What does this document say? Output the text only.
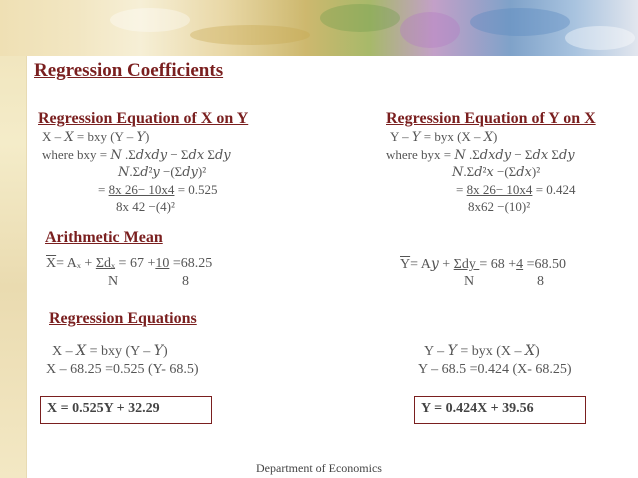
Regression Coefficients
Regression Equation of X on Y
X – 𝑋 = bxy (Y – 𝑌)
where bxy = 𝑁 .Σ𝑑𝑥𝑑𝑦 − Σ𝑑𝑥 Σ𝑑𝑦
𝑁.Σ𝑑²𝑦 −(Σ𝑑𝑦)²
= 8x 26− 10x4 = 0.525
8x 42 −(4)²
Regression Equation of Y on X
Y – 𝑌 = byx (X – 𝑋)
where byx = 𝑁 .Σ𝑑𝑥𝑑𝑦 − Σ𝑑𝑥 Σ𝑑𝑦
𝑁.Σ𝑑²𝑥 −(Σ𝑑𝑥)²
= 8x 26− 10x4 = 0.424
8x62 −(10)²
Arithmetic Mean
$\overline{X}= A_x + \Sigma d_x = 67 +10 =68.25$
N	8
$\overline{Y}=$ A𝑦 + Σdy = 68 +4 =68.50
N	8
Regression Equations
X – 𝑋 = bxy (Y – 𝑌)
X – 68.25 =0.525 (Y- 68.5)
X = 0.525Y + 32.29
Y – 𝑌 = byx (X – 𝑋)
Y – 68.5 =0.424 (X- 68.25)
Y = 0.424X + 39.56
Department of Economics
